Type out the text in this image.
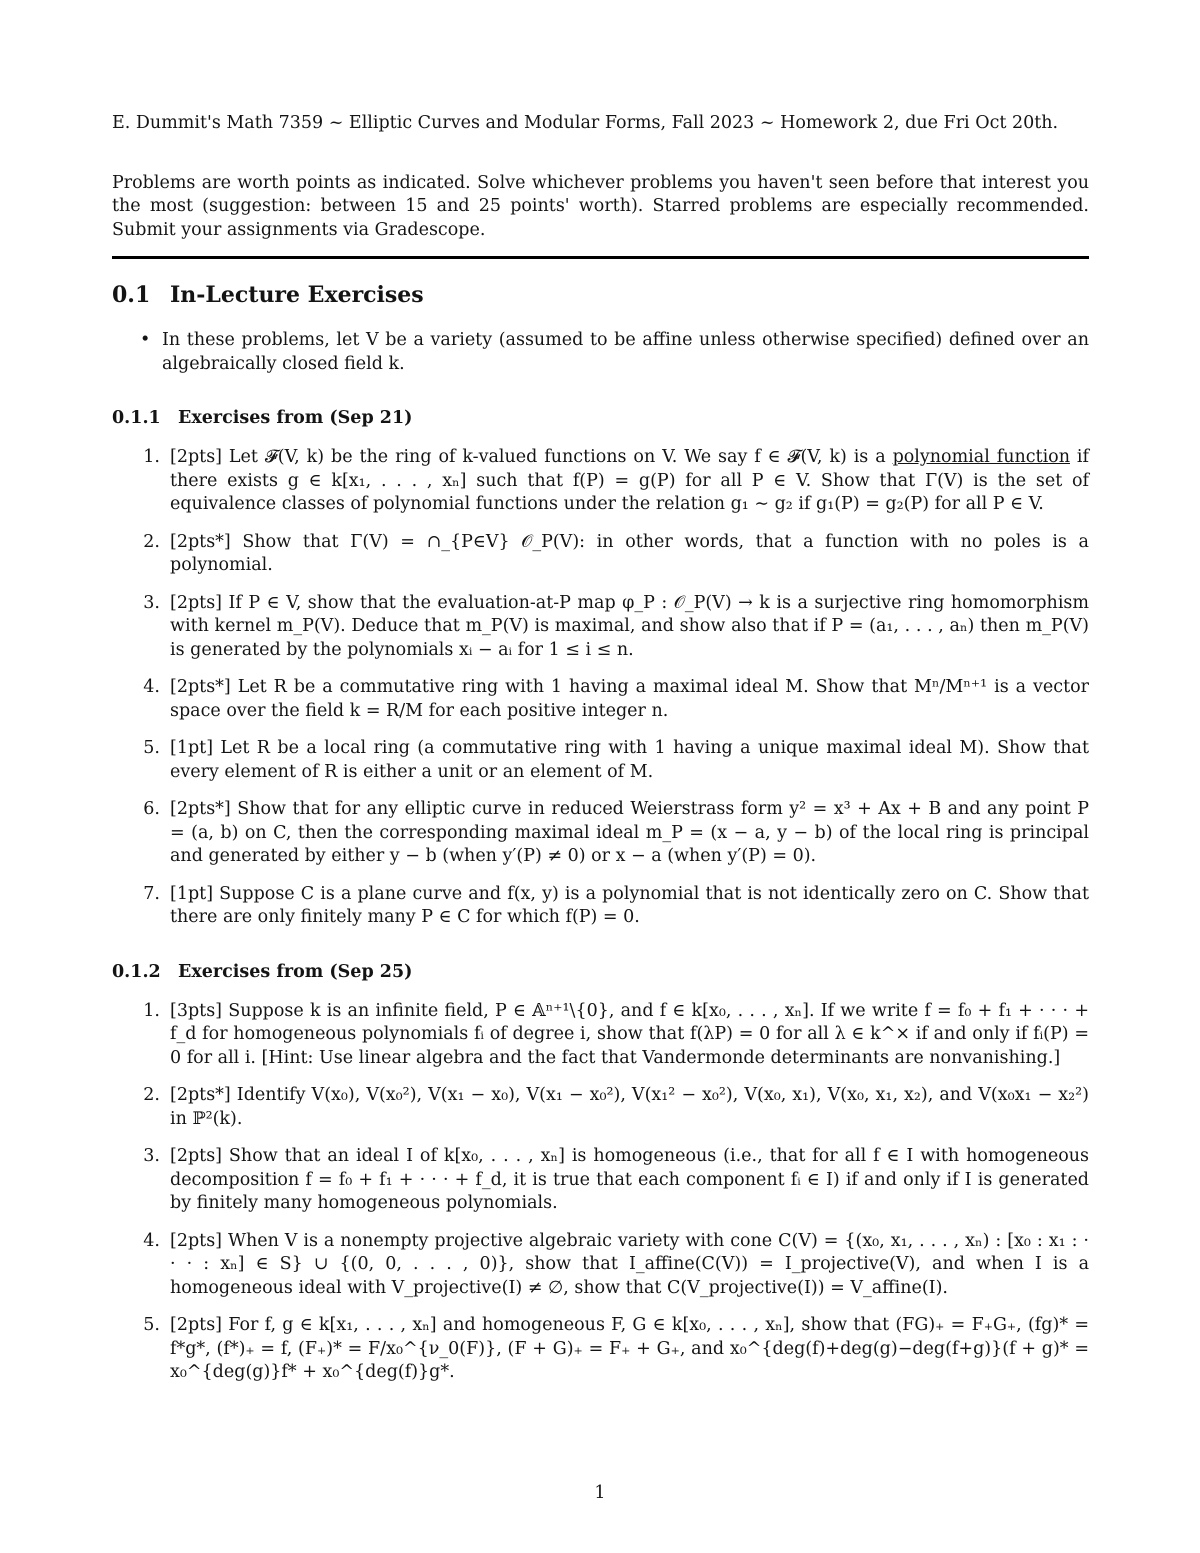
E. Dummit's Math 7359 ~ Elliptic Curves and Modular Forms, Fall 2023 ~ Homework 2, due Fri Oct 20th.

Problems are worth points as indicated. Solve whichever problems you haven't seen before that interest you the most (suggestion: between 15 and 25 points' worth). Starred problems are especially recommended. Submit your assignments via Gradescope.

0.1 In-Lecture Exercises
• In these problems, let V be a variety (assumed to be affine unless otherwise specified) defined over an algebraically closed field k.
0.1.1 Exercises from (Sep 21)
1. [2pts] Let 𝓕(V, k) be the ring of k-valued functions on V. We say f ∈ 𝓕(V, k) is a polynomial function if there exists g ∈ k[x₁, . . . , xₙ] such that f(P) = g(P) for all P ∈ V. Show that Γ(V) is the set of equivalence classes of polynomial functions under the relation g₁ ∼ g₂ if g₁(P) = g₂(P) for all P ∈ V.
2. [2pts*] Show that Γ(V) = ∩_{P∈V} 𝒪_P(V): in other words, that a function with no poles is a polynomial.
3. [2pts] If P ∈ V, show that the evaluation-at-P map φ_P : 𝒪_P(V) → k is a surjective ring homomorphism with kernel m_P(V). Deduce that m_P(V) is maximal, and show also that if P = (a₁, . . . , aₙ) then m_P(V) is generated by the polynomials xᵢ − aᵢ for 1 ≤ i ≤ n.
4. [2pts*] Let R be a commutative ring with 1 having a maximal ideal M. Show that Mⁿ/Mⁿ⁺¹ is a vector space over the field k = R/M for each positive integer n.
5. [1pt] Let R be a local ring (a commutative ring with 1 having a unique maximal ideal M). Show that every element of R is either a unit or an element of M.
6. [2pts*] Show that for any elliptic curve in reduced Weierstrass form y² = x³ + Ax + B and any point P = (a, b) on C, then the corresponding maximal ideal m_P = (x − a, y − b) of the local ring is principal and generated by either y − b (when y′(P) ≠ 0) or x − a (when y′(P) = 0).
7. [1pt] Suppose C is a plane curve and f(x, y) is a polynomial that is not identically zero on C. Show that there are only finitely many P ∈ C for which f(P) = 0.
0.1.2 Exercises from (Sep 25)
1. [3pts] Suppose k is an infinite field, P ∈ 𝔸ⁿ⁺¹\{0}, and f ∈ k[x₀, . . . , xₙ]. If we write f = f₀ + f₁ + · · · + f_d for homogeneous polynomials fᵢ of degree i, show that f(λP) = 0 for all λ ∈ k^× if and only if fᵢ(P) = 0 for all i. [Hint: Use linear algebra and the fact that Vandermonde determinants are nonvanishing.]
2. [2pts*] Identify V(x₀), V(x₀²), V(x₁ − x₀), V(x₁ − x₀²), V(x₁² − x₀²), V(x₀, x₁), V(x₀, x₁, x₂), and V(x₀x₁ − x₂²) in ℙ²(k).
3. [2pts] Show that an ideal I of k[x₀, . . . , xₙ] is homogeneous (i.e., that for all f ∈ I with homogeneous decomposition f = f₀ + f₁ + · · · + f_d, it is true that each component fᵢ ∈ I) if and only if I is generated by finitely many homogeneous polynomials.
4. [2pts] When V is a nonempty projective algebraic variety with cone C(V) = {(x₀, x₁, . . . , xₙ) : [x₀ : x₁ : · · · : xₙ] ∈ S} ∪ {(0, 0, . . . , 0)}, show that I_affine(C(V)) = I_projective(V), and when I is a homogeneous ideal with V_projective(I) ≠ ∅, show that C(V_projective(I)) = V_affine(I).
5. [2pts] For f, g ∈ k[x₁, . . . , xₙ] and homogeneous F, G ∈ k[x₀, . . . , xₙ], show that (FG)₊ = F₊G₊, (fg)* = f*g*, (f*)₊ = f, (F₊)* = F/x₀^{ν_0(F)}, (F + G)₊ = F₊ + G₊, and x₀^{deg(f)+deg(g)−deg(f+g)}(f + g)* = x₀^{deg(g)}f* + x₀^{deg(f)}g*.
1
